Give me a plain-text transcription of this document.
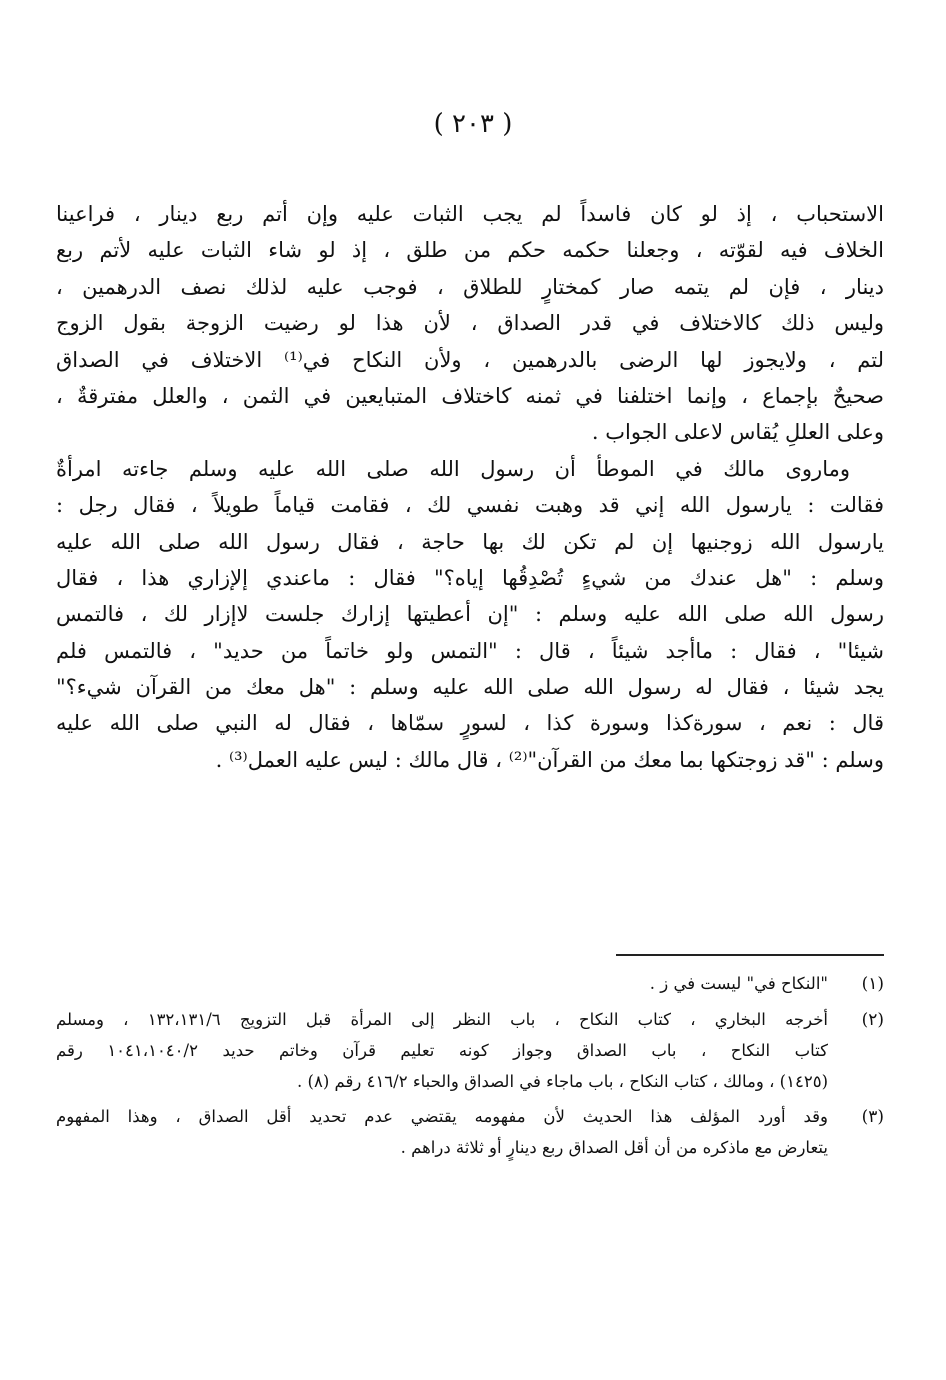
( ٢٠٣ )
الاستحباب ، إذ لو كان فاسداً لم يجب الثبات عليه وإن أتم ربع دينار ، فراعينا
الخلاف فيه لقوّته ، وجعلنا حكمه حكم من طلق ، إذ لو شاء الثبات عليه لأتم ربع
دينار ، فإن لم يتمه صار كمختارٍ للطلاق ، فوجب عليه لذلك نصف الدرهمين ،
وليس ذلك كالاختلاف في قدر الصداق ، لأن هذا لو رضيت الزوجة بقول الزوج
لتم ، ولايجوز لها الرضى بالدرهمين ، ولأن النكاح في⁽¹⁾ الاختلاف في الصداق
صحيحٌ بإجماع ، وإنما اختلفنا في ثمنه كاختلاف المتبايعين في الثمن ، والعلل مفترقةٌ ،
وعلى العللِ يُقاس لاعلى الجواب .
وماروى مالك في الموطأ أن رسول الله صلى الله عليه وسلم جاءته امرأةٌ
فقالت : يارسول الله إني قد وهبت نفسي لك ، فقامت قياماً طويلاً ، فقال رجل :
يارسول الله زوجنيها إن لم تكن لك بها حاجة ، فقال رسول الله صلى الله عليه
وسلم : "هل عندك من شيءٍ تُصْدِقُها إياه؟" فقال : ماعندي إلإزاري هذا ، فقال
رسول الله صلى الله عليه وسلم : "إن أعطيتها إزارك جلست لاإزار لك ، فالتمس
شيئا" ، فقال : ماأجد شيئاً ، قال : "التمس ولو خاتماً من حديد" ، فالتمس فلم
يجد شيئا ، فقال له رسول الله صلى الله عليه وسلم : "هل معك من القرآن شيء؟"
قال : نعم ، سورةكذا وسورة كذا ، لسورٍ سمّاها ، فقال له النبي صلى الله عليه
وسلم : "قد زوجتكها بما معك من القرآن"⁽²⁾ ، قال مالك : ليس عليه العمل⁽³⁾ .
(١)
"النكاح في" ليست في ز .
(٢)
أخرجه البخاري ، كتاب النكاح ، باب النظر إلى المرأة قبل التزويج ١٣٢،١٣١/٦ ، ومسلم
كتاب النكاح ، باب الصداق وجواز كونه تعليم قرآن وخاتم حديد ١٠٤١،١٠٤٠/٢ رقم
(١٤٢٥) ، ومالك ، كتاب النكاح ، باب ماجاء في الصداق والحباء ٤١٦/٢ رقم (٨) .
(٣)
وقد أورد المؤلف هذا الحديث لأن مفهومه يقتضي عدم تحديد أقل الصداق ، وهذا المفهوم
يتعارض مع ماذكره من أن أقل الصداق ربع دينارٍ أو ثلاثة دراهم .
